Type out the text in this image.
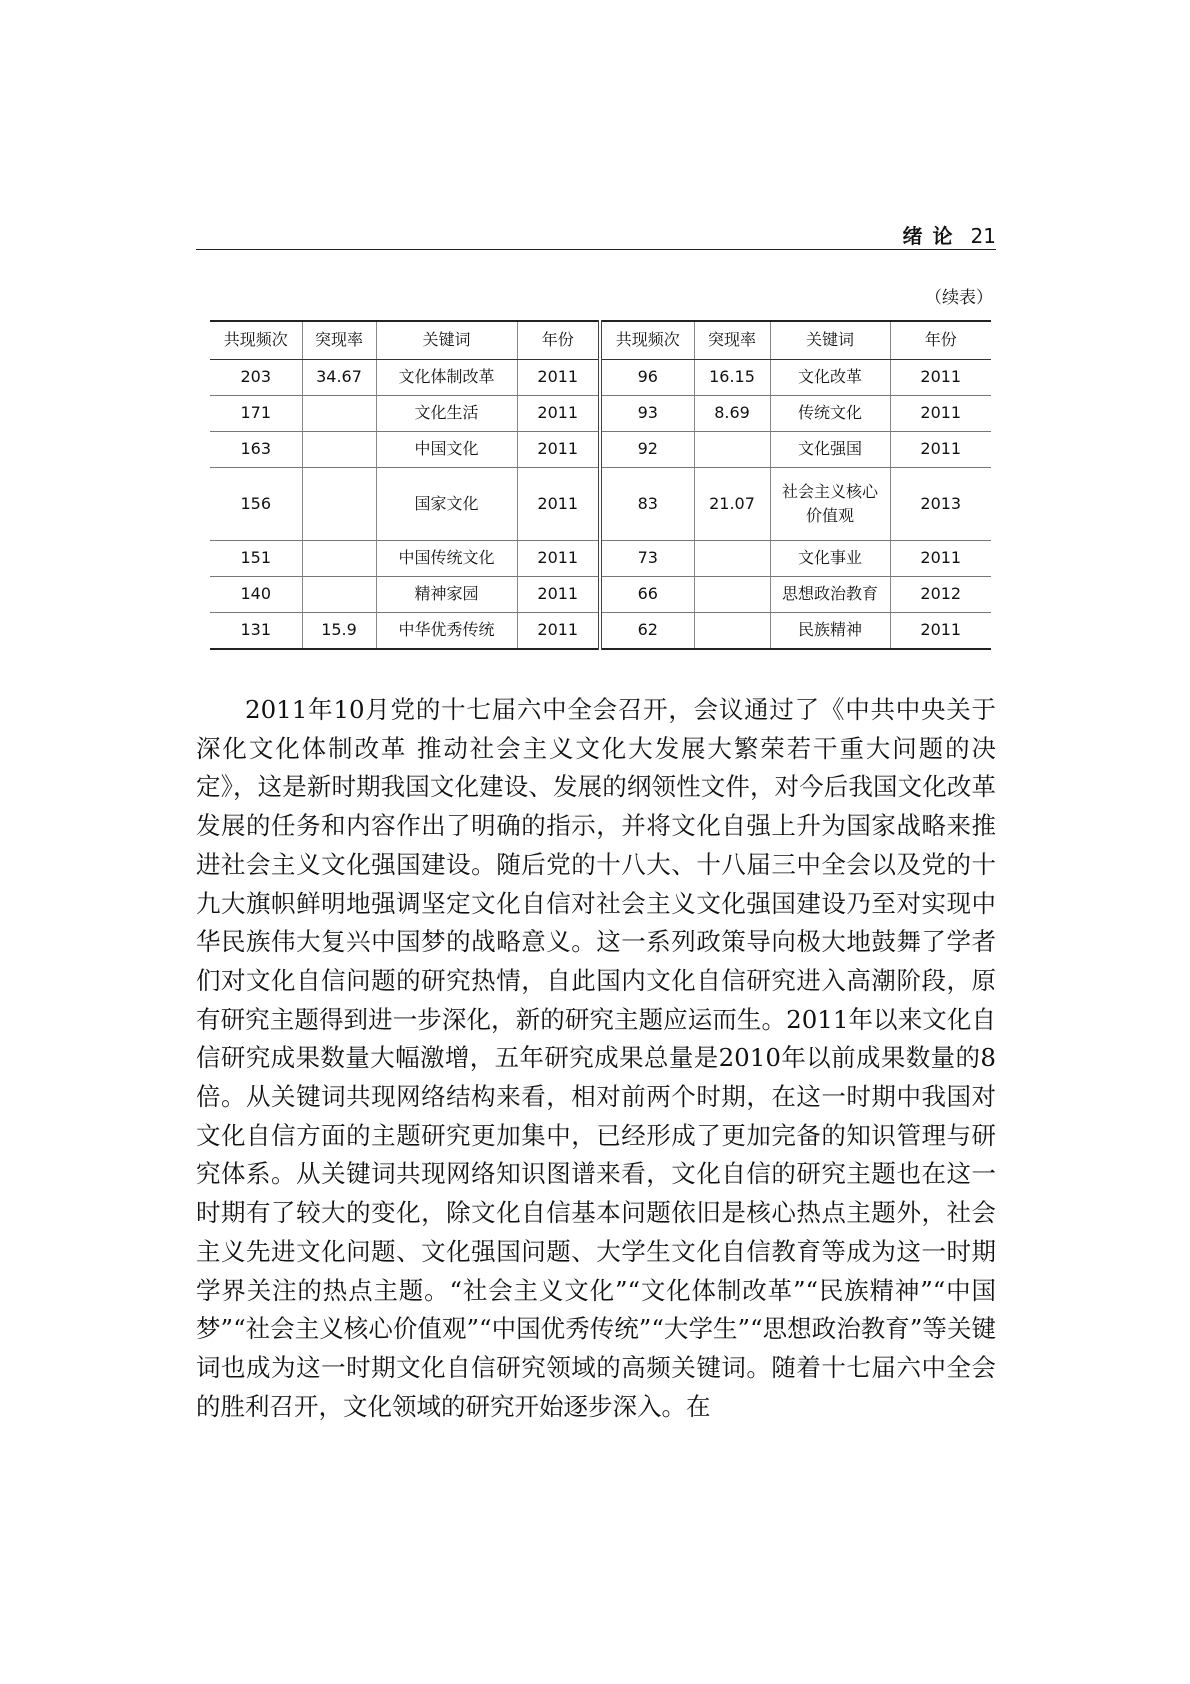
绪论 21
（续表）
共现频次	突现率	关键词	年份	共现频次	突现率	关键词	年份
203	34.67	文化体制改革	2011	96	16.15	文化改革	2011
171		文化生活	2011	93	8.69	传统文化	2011
163		中国文化	2011	92		文化强国	2011
156		国家文化	2011	83	21.07	社会主义核心价值观	2013
151		中国传统文化	2011	73		文化事业	2011
140		精神家园	2011	66		思想政治教育	2012
131	15.9	中华优秀传统	2011	62		民族精神	2011

2011年10月党的十七届六中全会召开，会议通过了《中共中央关于深化文化体制改革 推动社会主义文化大发展大繁荣若干重大问题的决定》，这是新时期我国文化建设、发展的纲领性文件，对今后我国文化改革发展的任务和内容作出了明确的指示，并将文化自强上升为国家战略来推进社会主义文化强国建设。随后党的十八大、十八届三中全会以及党的十九大旗帜鲜明地强调坚定文化自信对社会主义文化强国建设乃至对实现中华民族伟大复兴中国梦的战略意义。这一系列政策导向极大地鼓舞了学者们对文化自信问题的研究热情，自此国内文化自信研究进入高潮阶段，原有研究主题得到进一步深化，新的研究主题应运而生。2011年以来文化自信研究成果数量大幅激增，五年研究成果总量是2010年以前成果数量的8倍。从关键词共现网络结构来看，相对前两个时期，在这一时期中我国对文化自信方面的主题研究更加集中，已经形成了更加完备的知识管理与研究体系。从关键词共现网络知识图谱来看，文化自信的研究主题也在这一时期有了较大的变化，除文化自信基本问题依旧是核心热点主题外，社会主义先进文化问题、文化强国问题、大学生文化自信教育等成为这一时期学界关注的热点主题。“社会主义文化”“文化体制改革”“民族精神”“中国梦”“社会主义核心价值观”“中国优秀传统”“大学生”“思想政治教育”等关键词也成为这一时期文化自信研究领域的高频关键词。随着十七届六中全会的胜利召开，文化领域的研究开始逐步深入。在
